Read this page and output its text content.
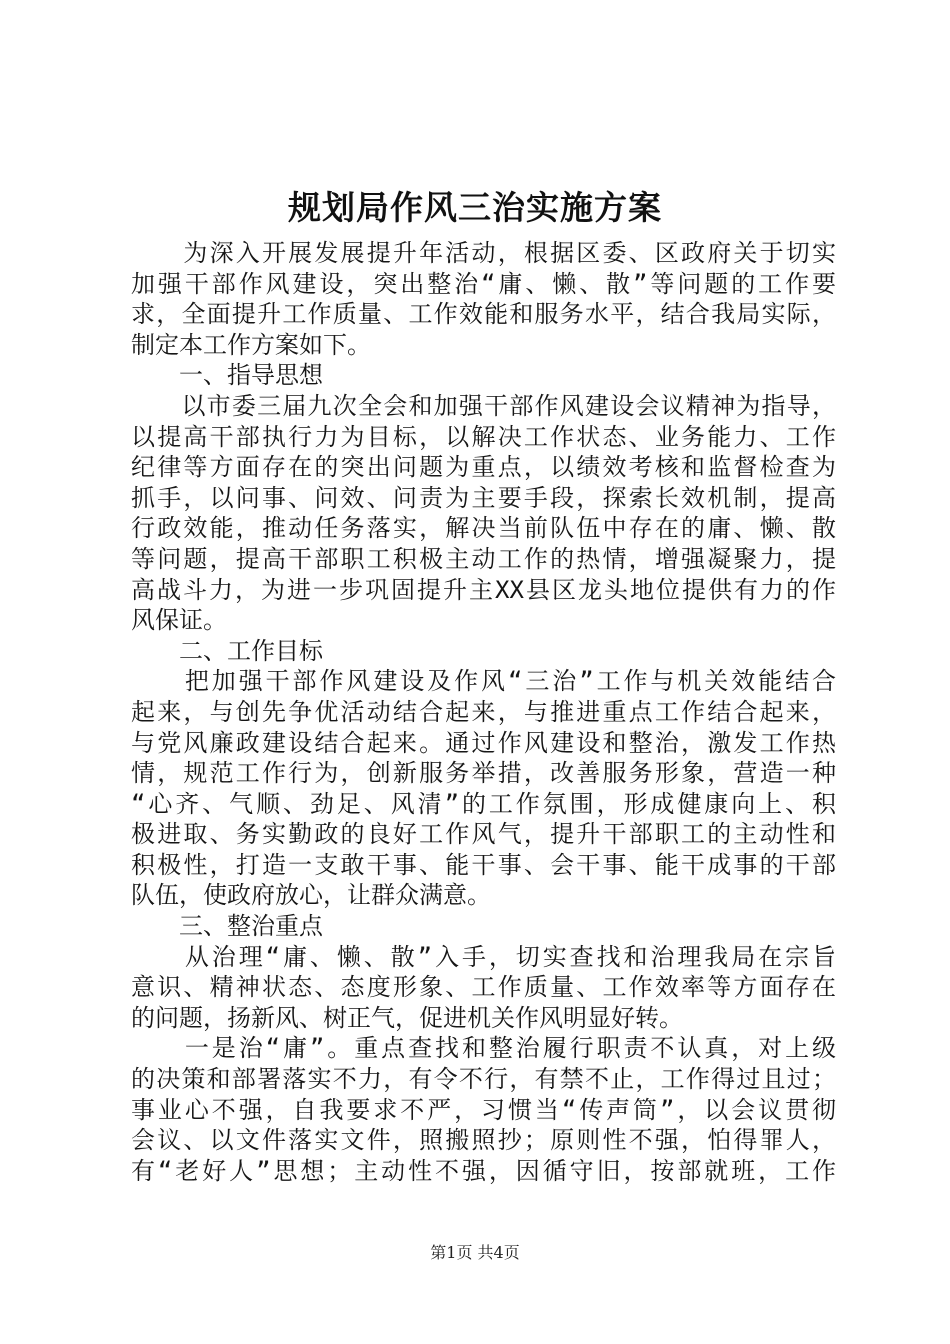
规划局作风三治实施方案
　　为深入开展发展提升年活动，根据区委、区政府关于切实
加强干部作风建设，突出整治“庸、懒、散”等问题的工作要
求，全面提升工作质量、工作效能和服务水平，结合我局实际，
制定本工作方案如下。
　　一、指导思想
　　以市委三届九次全会和加强干部作风建设会议精神为指导，
以提高干部执行力为目标，以解决工作状态、业务能力、工作
纪律等方面存在的突出问题为重点，以绩效考核和监督检查为
抓手，以问事、问效、问责为主要手段，探索长效机制，提高
行政效能，推动任务落实，解决当前队伍中存在的庸、懒、散
等问题，提高干部职工积极主动工作的热情，增强凝聚力，提
高战斗力，为进一步巩固提升主XX县区龙头地位提供有力的作
风保证。
　　二、工作目标
　　把加强干部作风建设及作风“三治”工作与机关效能结合
起来，与创先争优活动结合起来，与推进重点工作结合起来，
与党风廉政建设结合起来。通过作风建设和整治，激发工作热
情，规范工作行为，创新服务举措，改善服务形象，营造一种
“心齐、气顺、劲足、风清”的工作氛围，形成健康向上、积
极进取、务实勤政的良好工作风气，提升干部职工的主动性和
积极性，打造一支敢干事、能干事、会干事、能干成事的干部
队伍，使政府放心，让群众满意。
　　三、整治重点
　　从治理“庸、懒、散”入手，切实查找和治理我局在宗旨
意识、精神状态、态度形象、工作质量、工作效率等方面存在
的问题，扬新风、树正气，促进机关作风明显好转。
　　一是治“庸”。重点查找和整治履行职责不认真，对上级
的决策和部署落实不力，有令不行，有禁不止，工作得过且过；
事业心不强，自我要求不严，习惯当“传声筒”，以会议贯彻
会议、以文件落实文件，照搬照抄；原则性不强，怕得罪人，
有“老好人”思想；主动性不强，因循守旧，按部就班，工作
第1页 共4页
